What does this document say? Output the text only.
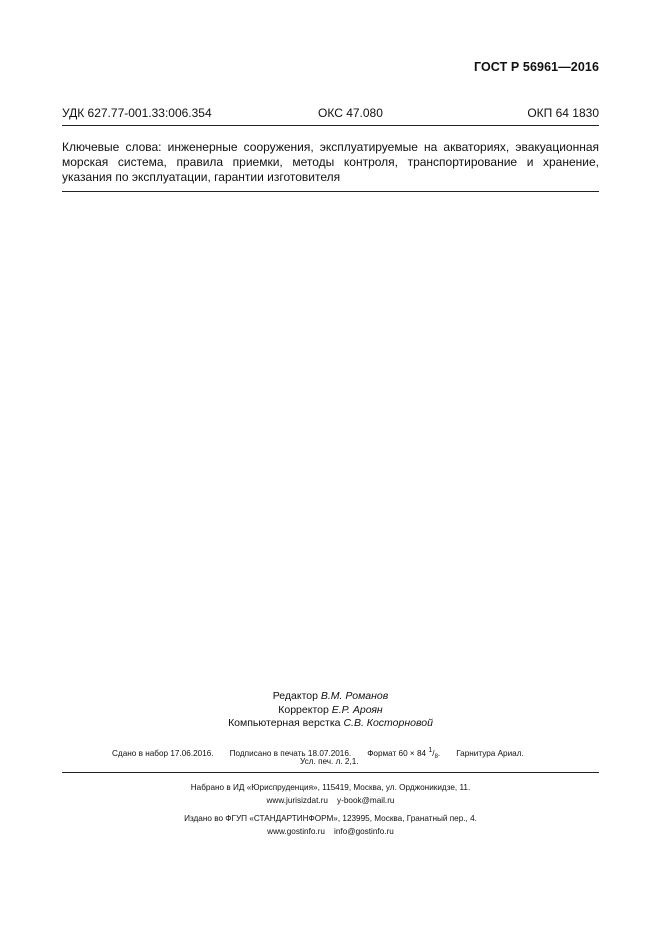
ГОСТ Р 56961—2016
УДК 627.77-001.33:006.354	ОКС 47.080	ОКП 64 1830
Ключевые слова: инженерные сооружения, эксплуатируемые на акваториях, эвакуационная морская система, правила приемки, методы контроля, транспортирование и хранение, указания по эксплуатации, гарантии изготовителя
Редактор В.М. Романов
Корректор Е.Р. Ароян
Компьютерная верстка С.В. Косторновой
Сдано в набор 17.06.2016. Подписано в печать 18.07.2016. Формат 60 × 84 $^1/_8$. Гарнитура Ариал.
Усл. печ. л. 2,1.
Набрано в ИД «Юриспруденция», 115419, Москва, ул. Орджоникидзе, 11.
www.jurisizdat.ru    y-book@mail.ru
Издано во ФГУП «СТАНДАРТИНФОРМ», 123995, Москва, Гранатный пер., 4.
www.gostinfo.ru    info@gostinfo.ru
